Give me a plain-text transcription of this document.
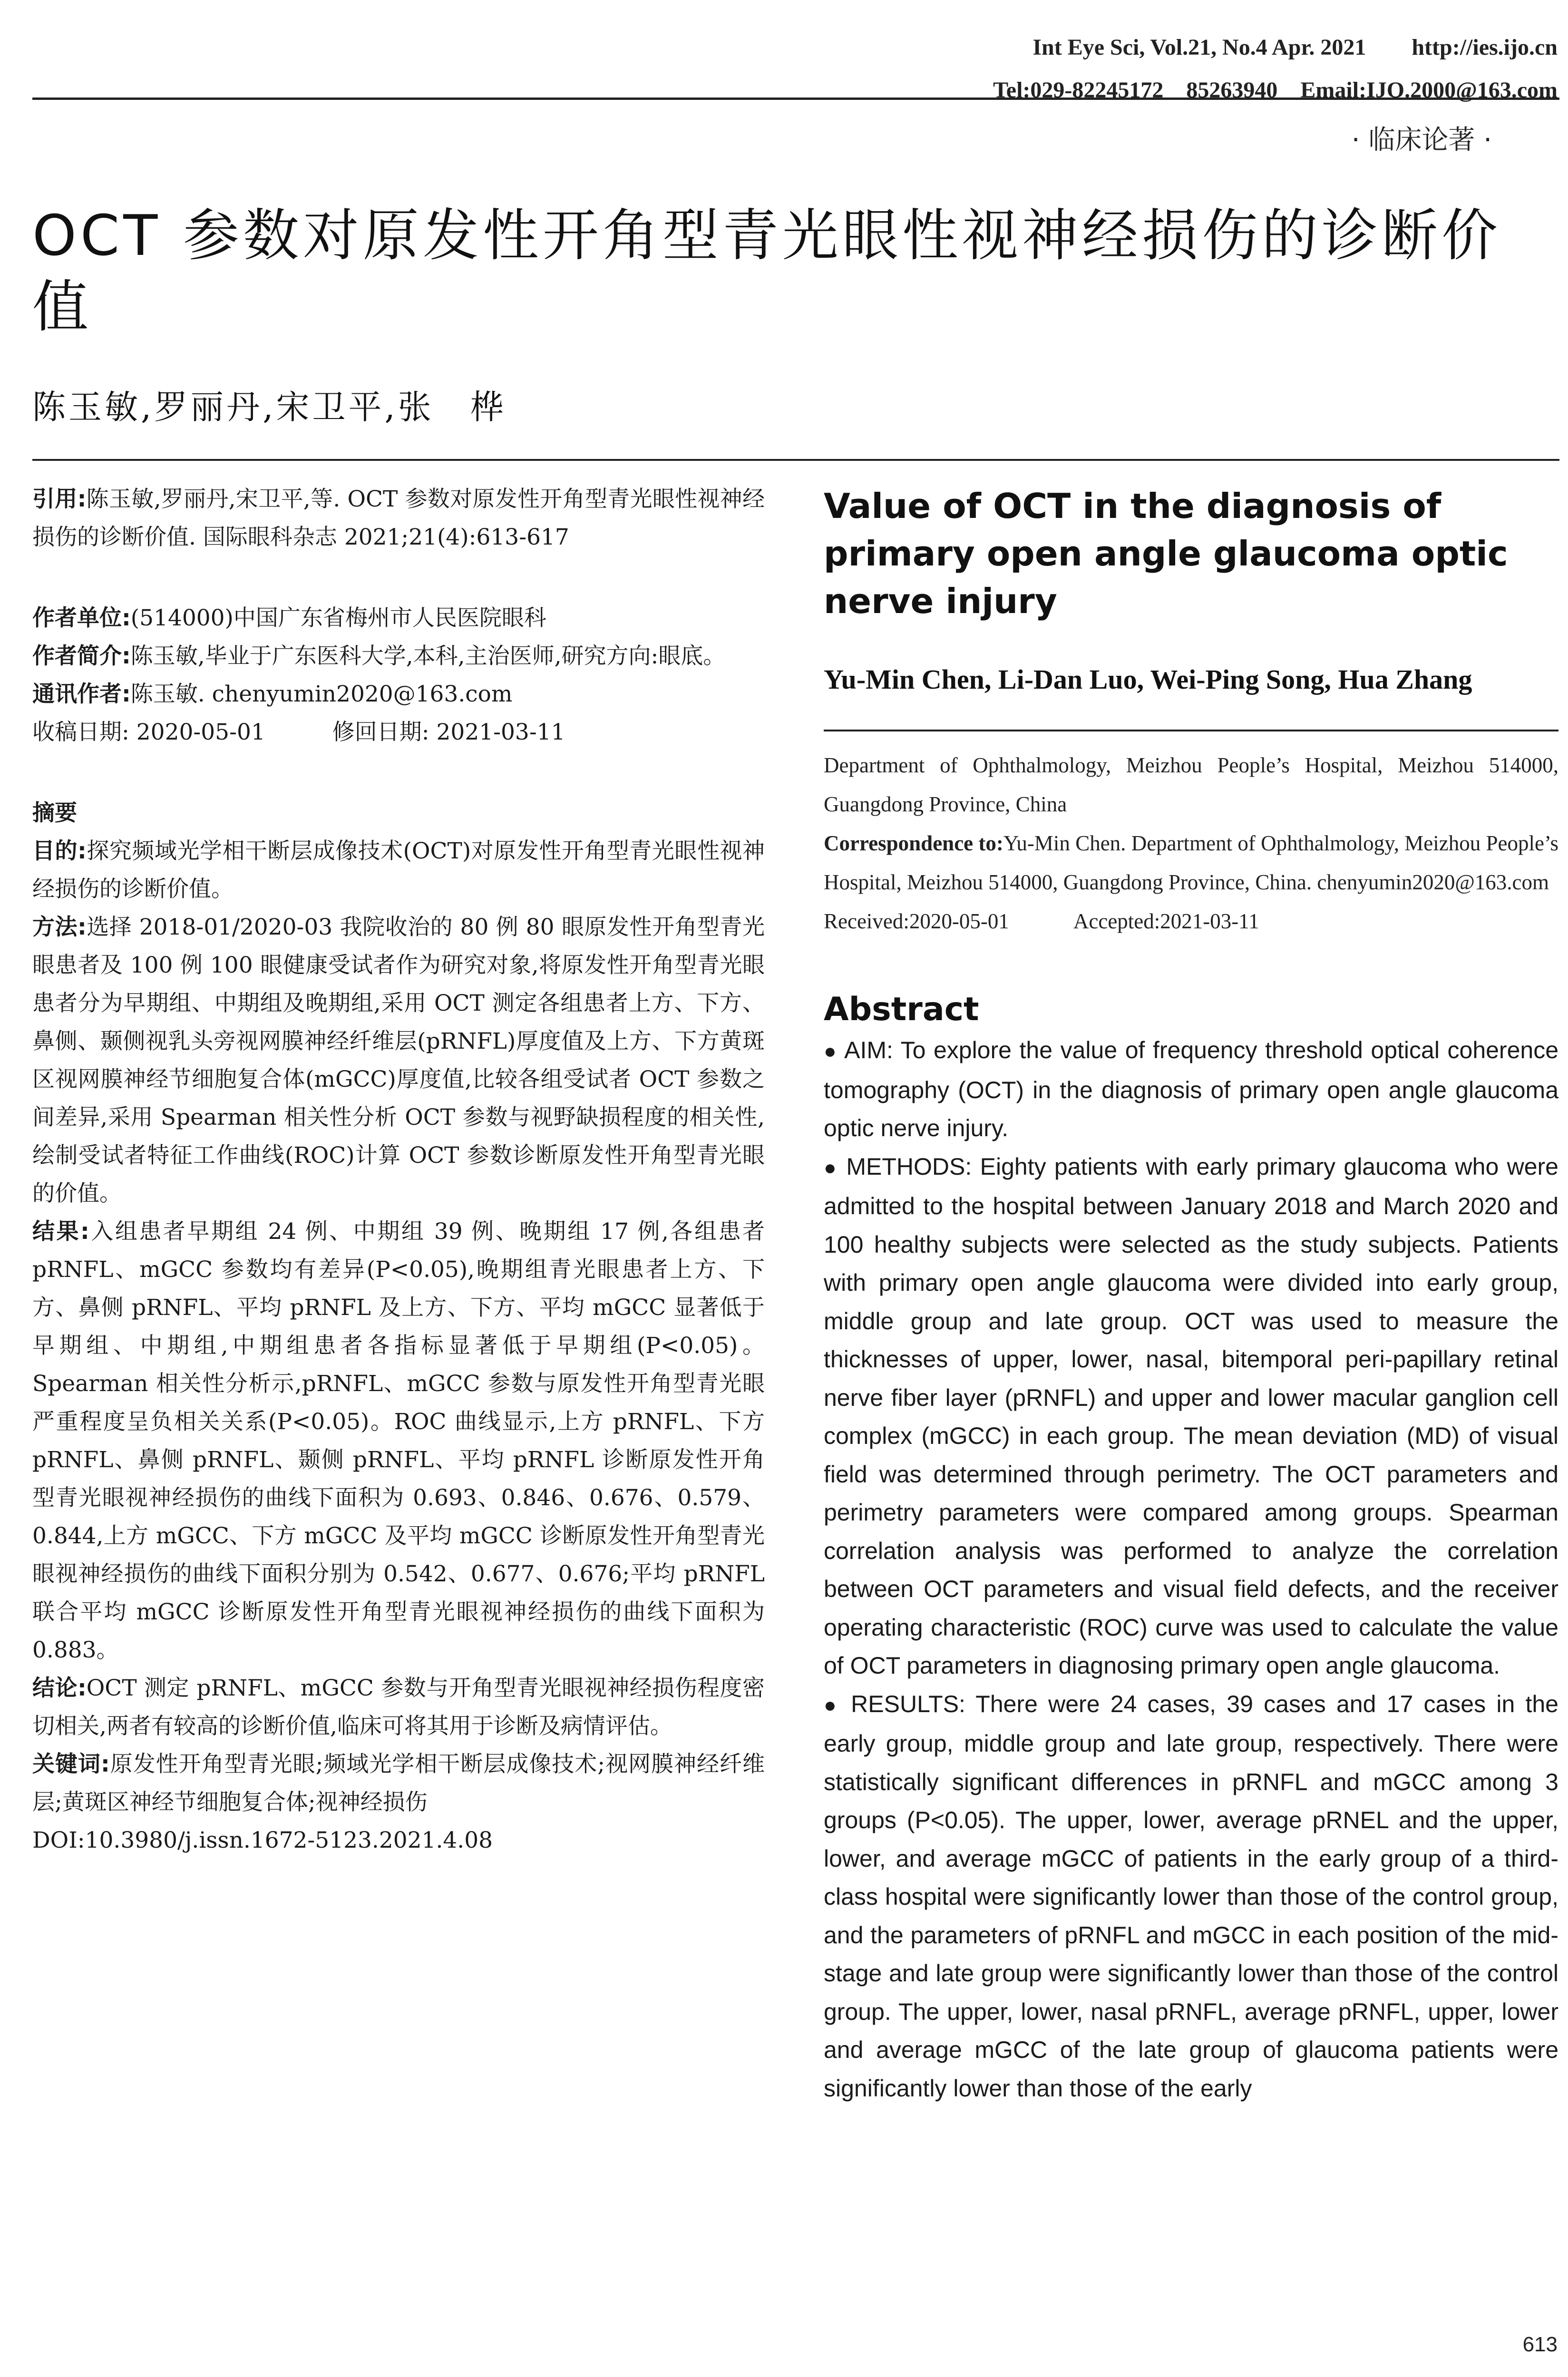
Int Eye Sci, Vol.21, No.4 Apr. 2021        http://ies.ijo.cn
Tel:029-82245172    85263940    Email:IJO.2000@163.com
· 临床论著 ·
OCT 参数对原发性开角型青光眼性视神经损伤的诊断价值
陈玉敏,罗丽丹,宋卫平,张　桦

引用:陈玉敏,罗丽丹,宋卫平,等. OCT 参数对原发性开角型青光眼性视神经损伤的诊断价值. 国际眼科杂志 2021;21(4):613-617

作者单位:(514000)中国广东省梅州市人民医院眼科

作者简介:陈玉敏,毕业于广东医科大学,本科,主治医师,研究方向:眼底。

通讯作者:陈玉敏. chenyumin2020@163.com

收稿日期: 2020-05-01　　　修回日期: 2021-03-11

摘要

目的:探究频域光学相干断层成像技术(OCT)对原发性开角型青光眼性视神经损伤的诊断价值。

方法:选择 2018-01/2020-03 我院收治的 80 例 80 眼原发性开角型青光眼患者及 100 例 100 眼健康受试者作为研究对象,将原发性开角型青光眼患者分为早期组、中期组及晚期组,采用 OCT 测定各组患者上方、下方、鼻侧、颞侧视乳头旁视网膜神经纤维层(pRNFL)厚度值及上方、下方黄斑区视网膜神经节细胞复合体(mGCC)厚度值,比较各组受试者 OCT 参数之间差异,采用 Spearman 相关性分析 OCT 参数与视野缺损程度的相关性,绘制受试者特征工作曲线(ROC)计算 OCT 参数诊断原发性开角型青光眼的价值。

结果:入组患者早期组 24 例、中期组 39 例、晚期组 17 例,各组患者 pRNFL、mGCC 参数均有差异(P<0.05),晚期组青光眼患者上方、下方、鼻侧 pRNFL、平均 pRNFL 及上方、下方、平均 mGCC 显著低于早期组、中期组,中期组患者各指标显著低于早期组(P<0.05)。Spearman 相关性分析示,pRNFL、mGCC 参数与原发性开角型青光眼严重程度呈负相关关系(P<0.05)。ROC 曲线显示,上方 pRNFL、下方 pRNFL、鼻侧 pRNFL、颞侧 pRNFL、平均 pRNFL 诊断原发性开角型青光眼视神经损伤的曲线下面积为 0.693、0.846、0.676、0.579、0.844,上方 mGCC、下方 mGCC 及平均 mGCC 诊断原发性开角型青光眼视神经损伤的曲线下面积分别为 0.542、0.677、0.676;平均 pRNFL 联合平均 mGCC 诊断原发性开角型青光眼视神经损伤的曲线下面积为 0.883。

结论:OCT 测定 pRNFL、mGCC 参数与开角型青光眼视神经损伤程度密切相关,两者有较高的诊断价值,临床可将其用于诊断及病情评估。

关键词:原发性开角型青光眼;频域光学相干断层成像技术;视网膜神经纤维层;黄斑区神经节细胞复合体;视神经损伤

DOI:10.3980/j.issn.1672-5123.2021.4.08

Value of OCT in the diagnosis of primary open angle glaucoma optic nerve injury
Yu-Min Chen, Li-Dan Luo, Wei-Ping Song, Hua Zhang
Department of Ophthalmology, Meizhou People’s Hospital, Meizhou 514000, Guangdong Province, China
Correspondence to:Yu-Min Chen. Department of Ophthalmology, Meizhou People’s Hospital, Meizhou 514000, Guangdong Province, China. chenyumin2020@163.com
Received:2020-05-01　　　Accepted:2021-03-11
Abstract

● AIM: To explore the value of frequency threshold optical coherence tomography (OCT) in the diagnosis of primary open angle glaucoma optic nerve injury.

● METHODS: Eighty patients with early primary glaucoma who were admitted to the hospital between January 2018 and March 2020 and 100 healthy subjects were selected as the study subjects. Patients with primary open angle glaucoma were divided into early group, middle group and late group. OCT was used to measure the thicknesses of upper, lower, nasal, bitemporal peri-papillary retinal nerve fiber layer (pRNFL) and upper and lower macular ganglion cell complex (mGCC) in each group. The mean deviation (MD) of visual field was determined through perimetry. The OCT parameters and perimetry parameters were compared among groups. Spearman correlation analysis was performed to analyze the correlation between OCT parameters and visual field defects, and the receiver operating characteristic (ROC) curve was used to calculate the value of OCT parameters in diagnosing primary open angle glaucoma.

● RESULTS: There were 24 cases, 39 cases and 17 cases in the early group, middle group and late group, respectively. There were statistically significant differences in pRNFL and mGCC among 3 groups (P<0.05). The upper, lower, average pRNEL and the upper, lower, and average mGCC of patients in the early group of a third-class hospital were significantly lower than those of the control group, and the parameters of pRNFL and mGCC in each position of the mid-stage and late group were significantly lower than those of the control group. The upper, lower, nasal pRNFL, average pRNFL, upper, lower and average mGCC of the late group of glaucoma patients were significantly lower than those of the early

613
